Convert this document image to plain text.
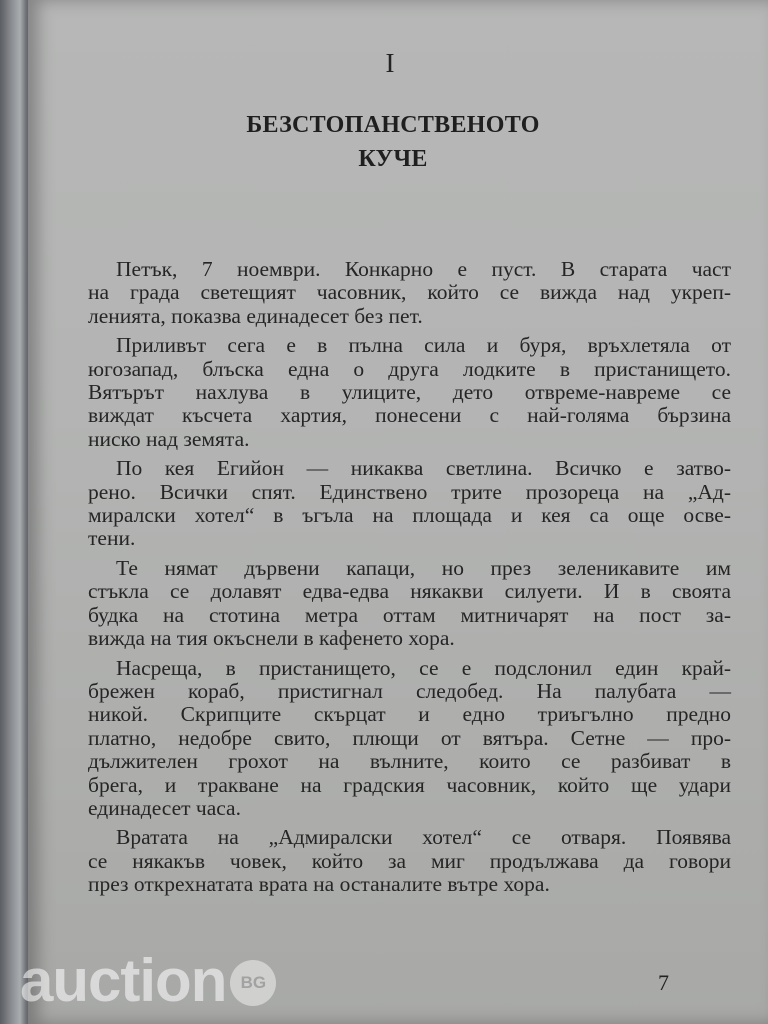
I
БЕЗСТОПАНСТВЕНОТО
КУЧЕ
Петък, 7 ноември. Конкарно е пуст. В старата част
на града светещият часовник, който се вижда над укреп-
ленията, показва единадесет без пет.
Приливът сега е в пълна сила и буря, връхлетяла от
югозапад, блъска една о друга лодките в пристанището.
Вятърът нахлува в улиците, дето отвреме-навреме се
виждат късчета хартия, понесени с най-голяма бързина
ниско над земята.
По кея Егийон — никаква светлина. Всичко е затво-
рено. Всички спят. Единствено трите прозореца на „Ад-
миралски хотел“ в ъгъла на площада и кея са още осве-
тени.
Те нямат дървени капаци, но през зеленикавите им
стъкла се долавят едва-едва някакви силуети. И в своята
будка на стотина метра оттам митничарят на пост за-
вижда на тия окъснели в кафенето хора.
Насреща, в пристанището, се е подслонил един край-
брежен кораб, пристигнал следобед. На палубата —
никой. Скрипците скърцат и едно триъгълно предно
платно, недобре свито, плющи от вятъра. Сетне — про-
дължителен грохот на вълните, които се разбиват в
брега, и тракване на градския часовник, който ще удари
единадесет часа.
Вратата на „Адмиралски хотел“ се отваря. Появява
се някакъв човек, който за миг продължава да говори
през открехнатата врата на останалите вътре хора.
7
auction BG
